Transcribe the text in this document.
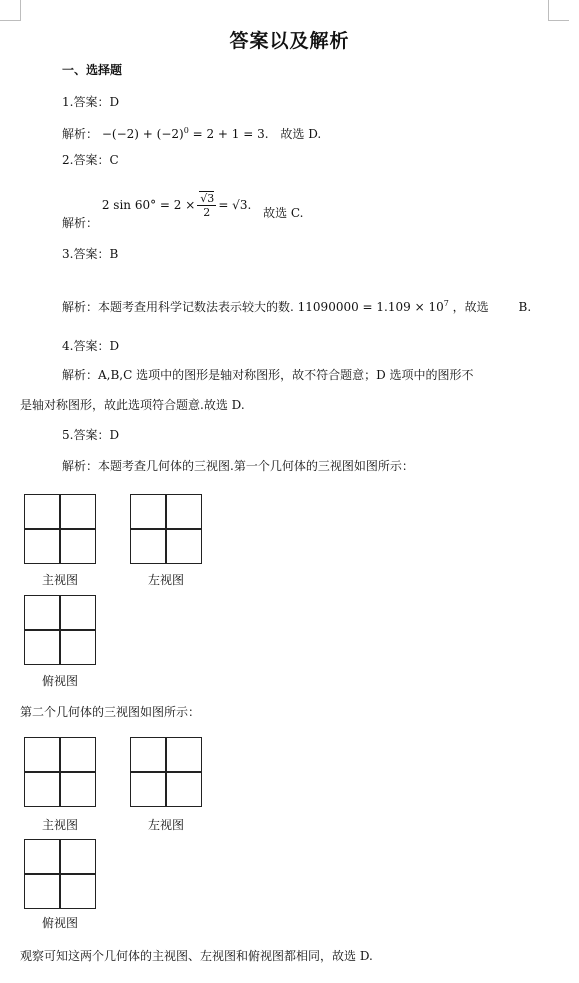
答案以及解析
一、选择题
1.答案：D
解析： $-(-2) + (-2)^0 = 2 + 1 = 3$. 故选 D.
2.答案：C
解析： 2 $\sin 60^\circ = 2 \times \frac{√3}{2} = √3$. 故选 C.
3.答案：B
解析：本题考查用科学记数法表示较大的数. $11090000 = 1.109 \times 10^7$ ，故选 B.
4.答案：D
解析：A,B,C 选项中的图形是轴对称图形，故不符合题意；D 选项中的图形不
是轴对称图形，故此选项符合题意.故选 D.
5.答案：D
解析：本题考查几何体的三视图.第一个几何体的三视图如图所示：
主视图	左视图
俯视图
第二个几何体的三视图如图所示：
主视图	左视图
俯视图
观察可知这两个几何体的主视图、左视图和俯视图都相同，故选 D.
